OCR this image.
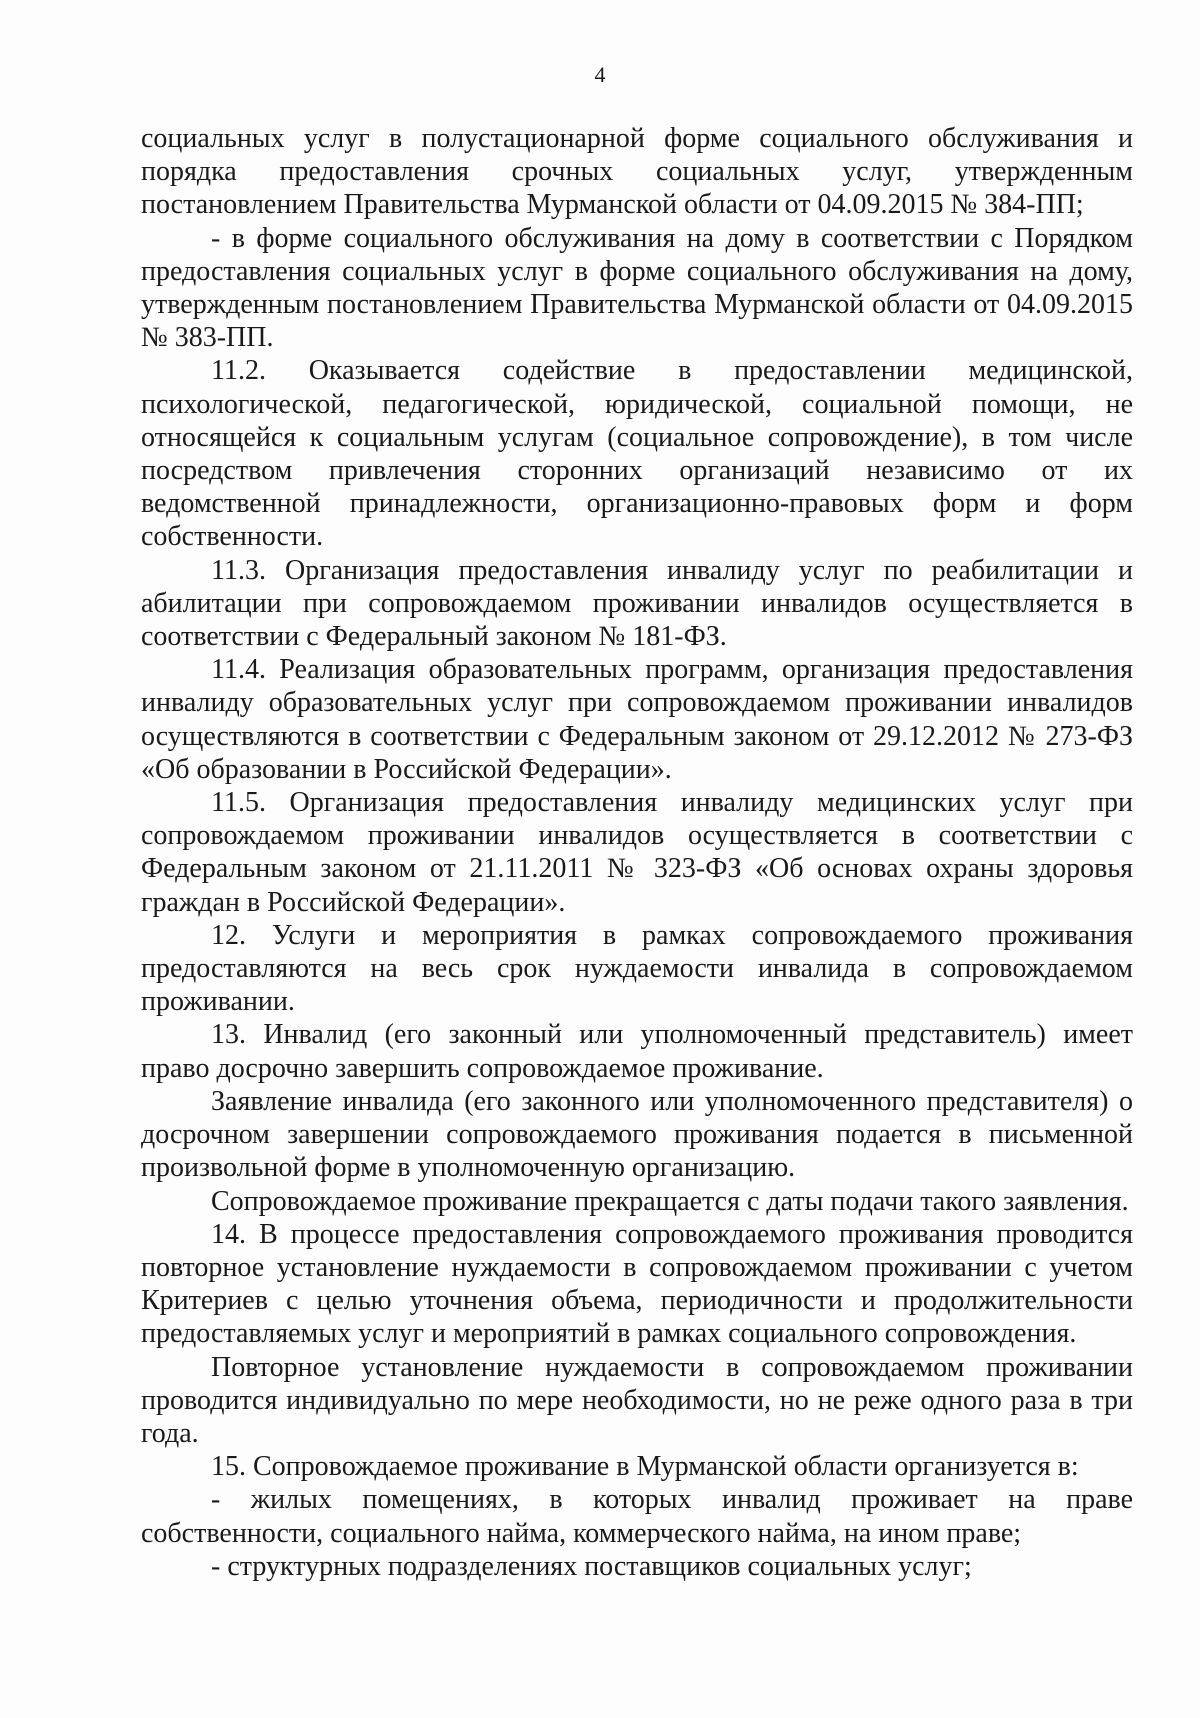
4

социальных услуг в полустационарной форме социального обслуживания и порядка предоставления срочных социальных услуг, утвержденным постановлением Правительства Мурманской области от 04.09.2015 № 384-ПП;

- в форме социального обслуживания на дому в соответствии с Порядком предоставления социальных услуг в форме социального обслуживания на дому, утвержденным постановлением Правительства Мурманской области от 04.09.2015 № 383-ПП.

11.2. Оказывается содействие в предоставлении медицинской, психологической, педагогической, юридической, социальной помощи, не относящейся к социальным услугам (социальное сопровождение), в том числе посредством привлечения сторонних организаций независимо от их ведомственной принадлежности, организационно-правовых форм и форм собственности.

11.3. Организация предоставления инвалиду услуг по реабилитации и абилитации при сопровождаемом проживании инвалидов осуществляется в соответствии с Федеральный законом № 181-ФЗ.

11.4. Реализация образовательных программ, организация предоставления инвалиду образовательных услуг при сопровождаемом проживании инвалидов осуществляются в соответствии с Федеральным законом от 29.12.2012 № 273-ФЗ «Об образовании в Российской Федерации».

11.5. Организация предоставления инвалиду медицинских услуг при сопровождаемом проживании инвалидов осуществляется в соответствии с Федеральным законом от 21.11.2011 № 323-ФЗ «Об основах охраны здоровья граждан в Российской Федерации».

12. Услуги и мероприятия в рамках сопровождаемого проживания предоставляются на весь срок нуждаемости инвалида в сопровождаемом проживании.

13. Инвалид (его законный или уполномоченный представитель) имеет право досрочно завершить сопровождаемое проживание.

Заявление инвалида (его законного или уполномоченного представителя) о досрочном завершении сопровождаемого проживания подается в письменной произвольной форме в уполномоченную организацию.

Сопровождаемое проживание прекращается с даты подачи такого заявления.

14. В процессе предоставления сопровождаемого проживания проводится повторное установление нуждаемости в сопровождаемом проживании с учетом Критериев с целью уточнения объема, периодичности и продолжительности предоставляемых услуг и мероприятий в рамках социального сопровождения.

Повторное установление нуждаемости в сопровождаемом проживании проводится индивидуально по мере необходимости, но не реже одного раза в три года.

15. Сопровождаемое проживание в Мурманской области организуется в:

- жилых помещениях, в которых инвалид проживает на праве собственности, социального найма, коммерческого найма, на ином праве;

- структурных подразделениях поставщиков социальных услуг;
